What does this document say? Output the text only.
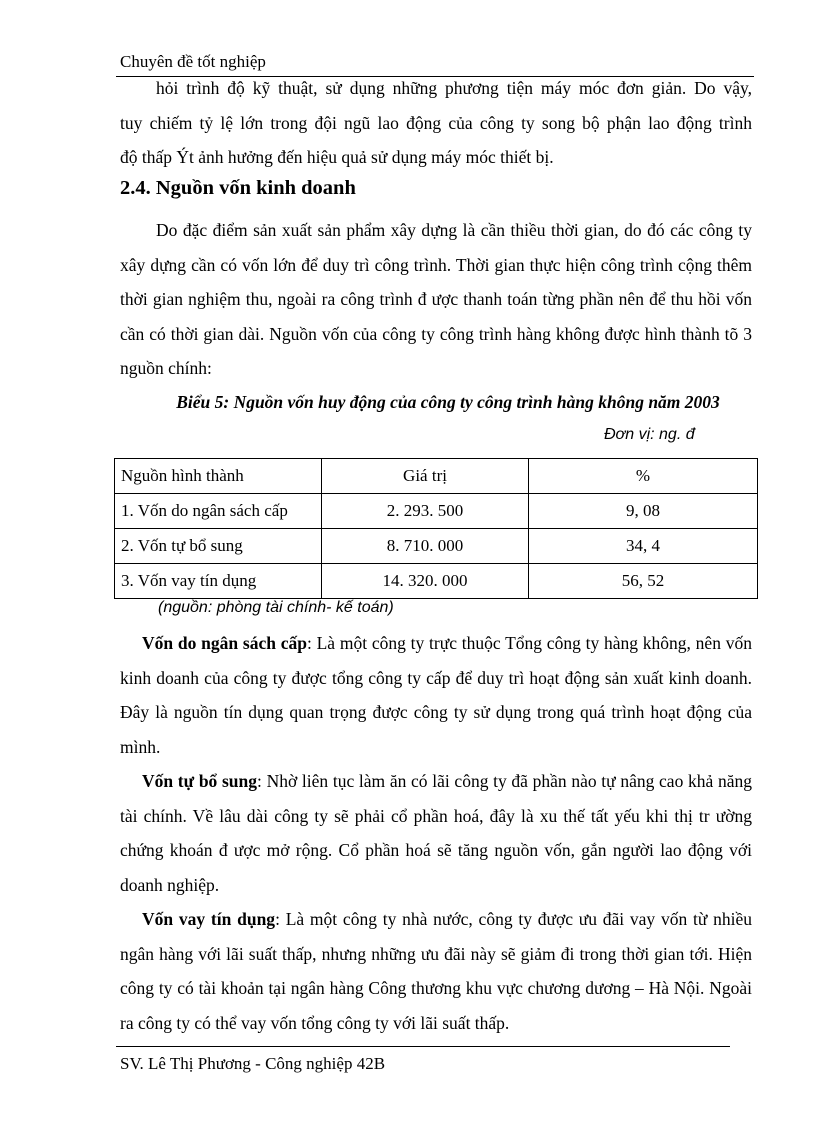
Chuyên đề tốt nghiệp
hỏi trình độ kỹ thuật, sử dụng những phương tiện máy móc đơn giản. Do vậy,
tuy chiếm tỷ lệ lớn trong đội ngũ lao động của công ty song bộ phận lao động trình
độ thấp Ýt ảnh hưởng đến hiệu quả sử dụng máy móc thiết bị.
2.4. Nguồn vốn kinh doanh

Do đặc điểm sản xuất sản phẩm xây dựng là cần thiều thời gian, do đó các công ty xây dựng cần có vốn lớn để duy trì công trình. Thời gian thực hiện công trình cộng thêm thời gian nghiệm thu, ngoài ra công trình đ ược thanh toán từng phần nên để thu hồi vốn cần có thời gian dài. Nguồn vốn của công ty công trình hàng không được hình thành tõ 3 nguồn chính:

Biểu 5: Nguồn vốn huy động của công ty công trình hàng không năm 2003
Đơn vị: ng. đ
Nguồn hình thành	Giá trị	%
1. Vốn do ngân sách cấp	2. 293. 500	9, 08
2. Vốn tự bổ sung	8. 710. 000	34, 4
3. Vốn vay tín dụng	14. 320. 000	56, 52
(nguồn: phòng tài chính- kế toán)

Vốn do ngân sách cấp: Là một công ty trực thuộc Tổng công ty hàng không, nên vốn kinh doanh của công ty được tổng công ty cấp để duy trì hoạt động sản xuất kinh doanh. Đây là nguồn tín dụng quan trọng được công ty sử dụng trong quá trình hoạt động của mình.

Vốn tự bổ sung: Nhờ liên tục làm ăn có lãi công ty đã phần nào tự nâng cao khả năng tài chính. Về lâu dài công ty sẽ phải cổ phần hoá, đây là xu thế tất yếu khi thị tr ường chứng khoán đ ược mở rộng. Cổ phần hoá sẽ tăng nguồn vốn, gắn người lao động với doanh nghiệp.

Vốn vay tín dụng: Là một công ty nhà nước, công ty được ưu đãi vay vốn từ nhiều ngân hàng với lãi suất thấp, nhưng những ưu đãi này sẽ giảm đi trong thời gian tới. Hiện công ty có tài khoản tại ngân hàng Công thương khu vực chương dương – Hà Nội. Ngoài ra công ty có thể vay vốn tổng công ty với lãi suất thấp.

SV. Lê Thị Phương - Công nghiệp 42B
